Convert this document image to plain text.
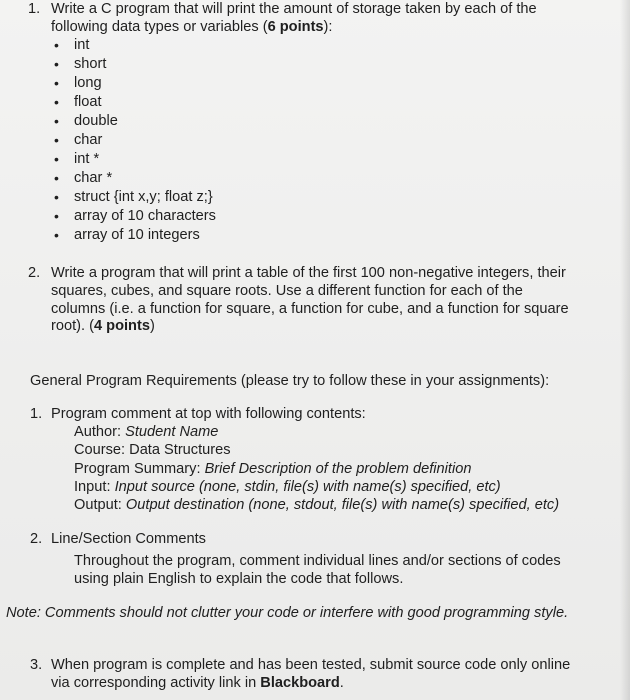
1. Write a C program that will print the amount of storage taken by each of the
following data types or variables (6 points):
• int
• short
• long
• float
• double
• char
• int *
• char *
• struct {int x,y; float z;}
• array of 10 characters
• array of 10 integers
2. Write a program that will print a table of the first 100 non-negative integers, their
squares, cubes, and square roots. Use a different function for each of the
columns (i.e. a function for square, a function for cube, and a function for square
root). (4 points)
General Program Requirements (please try to follow these in your assignments):
1. Program comment at top with following contents:
Author: Student Name
Course: Data Structures
Program Summary: Brief Description of the problem definition
Input: Input source (none, stdin, file(s) with name(s) specified, etc)
Output: Output destination (none, stdout, file(s) with name(s) specified, etc)
2. Line/Section Comments
Throughout the program, comment individual lines and/or sections of codes
using plain English to explain the code that follows.
Note: Comments should not clutter your code or interfere with good programming style.
3. When program is complete and has been tested, submit source code only online
via corresponding activity link in Blackboard.
